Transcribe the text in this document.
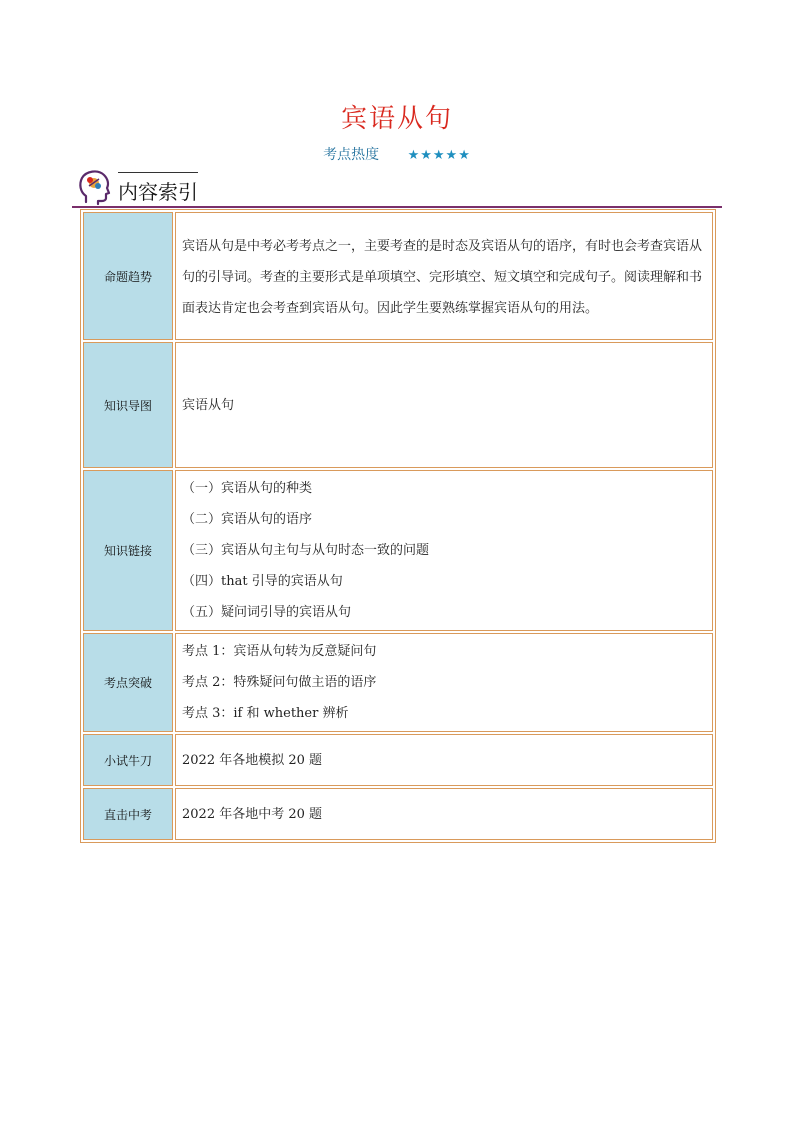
宾语从句
考点热度 ★★★★★
内容索引
命题趋势	宾语从句是中考必考考点之一，主要考查的是时态及宾语从句的语序，有时也会考查宾语从句的引导词。考查的主要形式是单项填空、完形填空、短文填空和完成句子。阅读理解和书面表达肯定也会考查到宾语从句。因此学生要熟练掌握宾语从句的用法。

知识导图	宾语从句

知识链接	（一）宾语从句的种类

（二）宾语从句的语序

（三）宾语从句主句与从句时态一致的问题

（四）that 引导的宾语从句

（五）疑问词引导的宾语从句

考点突破	考点 1：宾语从句转为反意疑问句

考点 2：特殊疑问句做主语的语序

考点 3：if 和 whether 辨析

小试牛刀	2022 年各地模拟 20 题

直击中考	2022 年各地中考 20 题
